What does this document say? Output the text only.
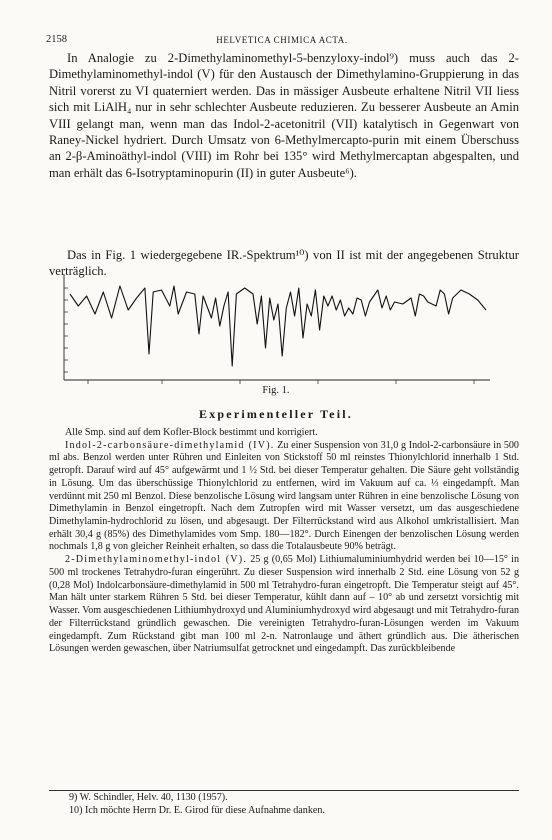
2158	HELVETICA CHIMICA ACTA.

In Analogie zu 2-Dimethylaminomethyl-5-benzyloxy-indol⁹) muss auch das 2-Dimethylaminomethyl-indol (V) für den Austausch der Dimethylamino-Gruppierung in das Nitril vorerst zu VI quaterniert werden. Das in mässiger Ausbeute erhaltene Nitril VII liess sich mit LiAlH₄ nur in sehr schlechter Ausbeute reduzieren. Zu besserer Ausbeute an Amin VIII gelangt man, wenn man das Indol-2-acetonitril (VII) katalytisch in Gegenwart von Raney-Nickel hydriert. Durch Umsatz von 6-Methylmercapto-purin mit einem Überschuss an 2-β-Aminoäthyl-indol (VIII) im Rohr bei 135° wird Methylmercaptan abgespalten, und man erhält das 6-Isotryptaminopurin (II) in guter Ausbeute⁶).

Das in Fig. 1 wiedergegebene IR.-Spektrum¹⁰) von II ist mit der angegebenen Struktur verträglich.

Fig. 1.
Experimenteller Teil.

Alle Smp. sind auf dem Kofler-Block bestimmt und korrigiert.

Indol-2-carbonsäure-dimethylamid (IV). Zu einer Suspension von 31,0 g Indol-2-carbonsäure in 500 ml abs. Benzol werden unter Rühren und Einleiten von Stickstoff 50 ml reinstes Thionylchlorid innerhalb 1 Std. getropft. Darauf wird auf 45° aufgewärmt und 1 ½ Std. bei dieser Temperatur gehalten. Die Säure geht vollständig in Lösung. Um das überschüssige Thionylchlorid zu entfernen, wird im Vakuum auf ca. ⅓ eingedampft. Man verdünnt mit 250 ml Benzol. Diese benzolische Lösung wird langsam unter Rühren in eine benzolische Lösung von Dimethylamin in Benzol eingetropft. Nach dem Zutropfen wird mit Wasser versetzt, um das ausgeschiedene Dimethylamin-hydrochlorid zu lösen, und abgesaugt. Der Filterrückstand wird aus Alkohol umkristallisiert. Man erhält 30,4 g (85%) des Dimethylamides vom Smp. 180—182°. Durch Einengen der benzolischen Lösung werden nochmals 1,8 g von gleicher Reinheit erhalten, so dass die Totalausbeute 90% beträgt.

2-Dimethylaminomethyl-indol (V). 25 g (0,65 Mol) Lithiumaluminiumhydrid werden bei 10—15° in 500 ml trockenes Tetrahydro-furan eingerührt. Zu dieser Suspension wird innerhalb 2 Std. eine Lösung von 52 g (0,28 Mol) Indolcarbonsäure-dimethylamid in 500 ml Tetrahydro-furan eingetropft. Die Temperatur steigt auf 45°. Man hält unter starkem Rühren 5 Std. bei dieser Temperatur, kühlt dann auf – 10° ab und zersetzt vorsichtig mit Wasser. Vom ausgeschiedenen Lithiumhydroxyd und Aluminiumhydroxyd wird abgesaugt und mit Tetrahydro-furan der Filterrückstand gründlich gewaschen. Die vereinigten Tetrahydro-furan-Lösungen werden im Vakuum eingedampft. Zum Rückstand gibt man 100 ml 2-n. Natronlauge und äthert gründlich aus. Die ätherischen Lösungen werden gewaschen, über Natriumsulfat getrocknet und eingedampft. Das zurückbleibende

9) W. Schindler, Helv. 40, 1130 (1957).
10) Ich möchte Herrn Dr. E. Girod für diese Aufnahme danken.
